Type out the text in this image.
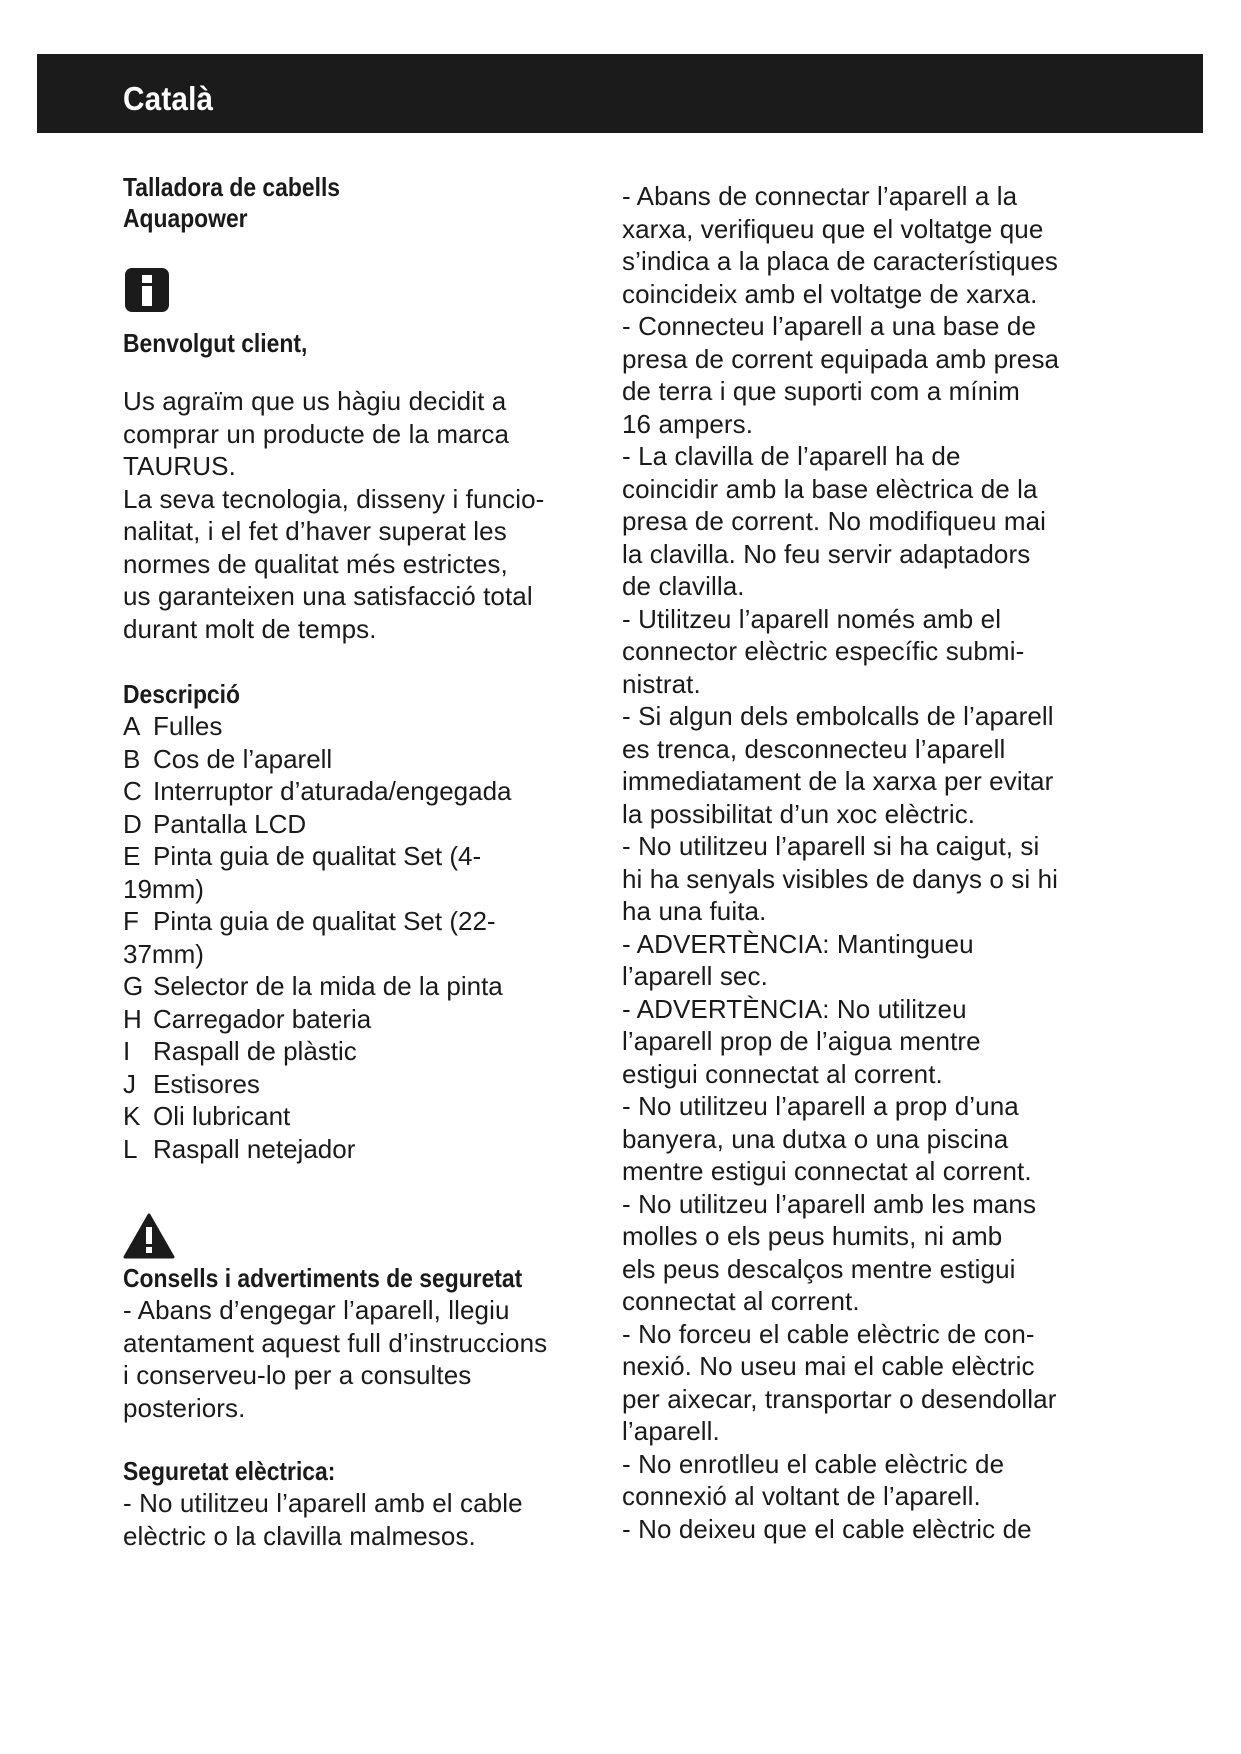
Català
Talladora de cabells
Aquapower
Benvolgut client,

Us agraïm que us hàgiu decidit a

comprar un producte de la marca

TAURUS.

La seva tecnologia, disseny i funcio-

nalitat, i el fet d’haver superat les

normes de qualitat més estrictes,

us garanteixen una satisfacció total

durant molt de temps.

Descripció
A Fulles
B Cos de l’aparell
C Interruptor d’aturada/engegada
D Pantalla LCD
E Pinta guia de qualitat Set (4-
19mm)
F Pinta guia de qualitat Set (22-
37mm)
G Selector de la mida de la pinta
H Carregador bateria
I Raspall de plàstic
J Estisores
K Oli lubricant
L Raspall netejador
Consells i advertiments de seguretat

- Abans d’engegar l’aparell, llegiu

atentament aquest full d’instruccions

i conserveu-lo per a consultes

posteriors.

Seguretat elèctrica:

- No utilitzeu l’aparell amb el cable

elèctric o la clavilla malmesos.

- Abans de connectar l’aparell a la

xarxa, verifiqueu que el voltatge que

s’indica a la placa de característiques

coincideix amb el voltatge de xarxa.

- Connecteu l’aparell a una base de

presa de corrent equipada amb presa

de terra i que suporti com a mínim

16 ampers.

- La clavilla de l’aparell ha de

coincidir amb la base elèctrica de la

presa de corrent. No modifiqueu mai

la clavilla. No feu servir adaptadors

de clavilla.

- Utilitzeu l’aparell només amb el

connector elèctric específic submi-

nistrat.

- Si algun dels embolcalls de l’aparell

es trenca, desconnecteu l’aparell

immediatament de la xarxa per evitar

la possibilitat d’un xoc elèctric.

- No utilitzeu l’aparell si ha caigut, si

hi ha senyals visibles de danys o si hi

ha una fuita.

- ADVERTÈNCIA: Mantingueu

l’aparell sec.

- ADVERTÈNCIA: No utilitzeu

l’aparell prop de l’aigua mentre

estigui connectat al corrent.

- No utilitzeu l’aparell a prop d’una

banyera, una dutxa o una piscina

mentre estigui connectat al corrent.

- No utilitzeu l’aparell amb les mans

molles o els peus humits, ni amb

els peus descalços mentre estigui

connectat al corrent.

- No forceu el cable elèctric de con-

nexió. No useu mai el cable elèctric

per aixecar, transportar o desendollar

l’aparell.

- No enrotlleu el cable elèctric de

connexió al voltant de l’aparell.

- No deixeu que el cable elèctric de
